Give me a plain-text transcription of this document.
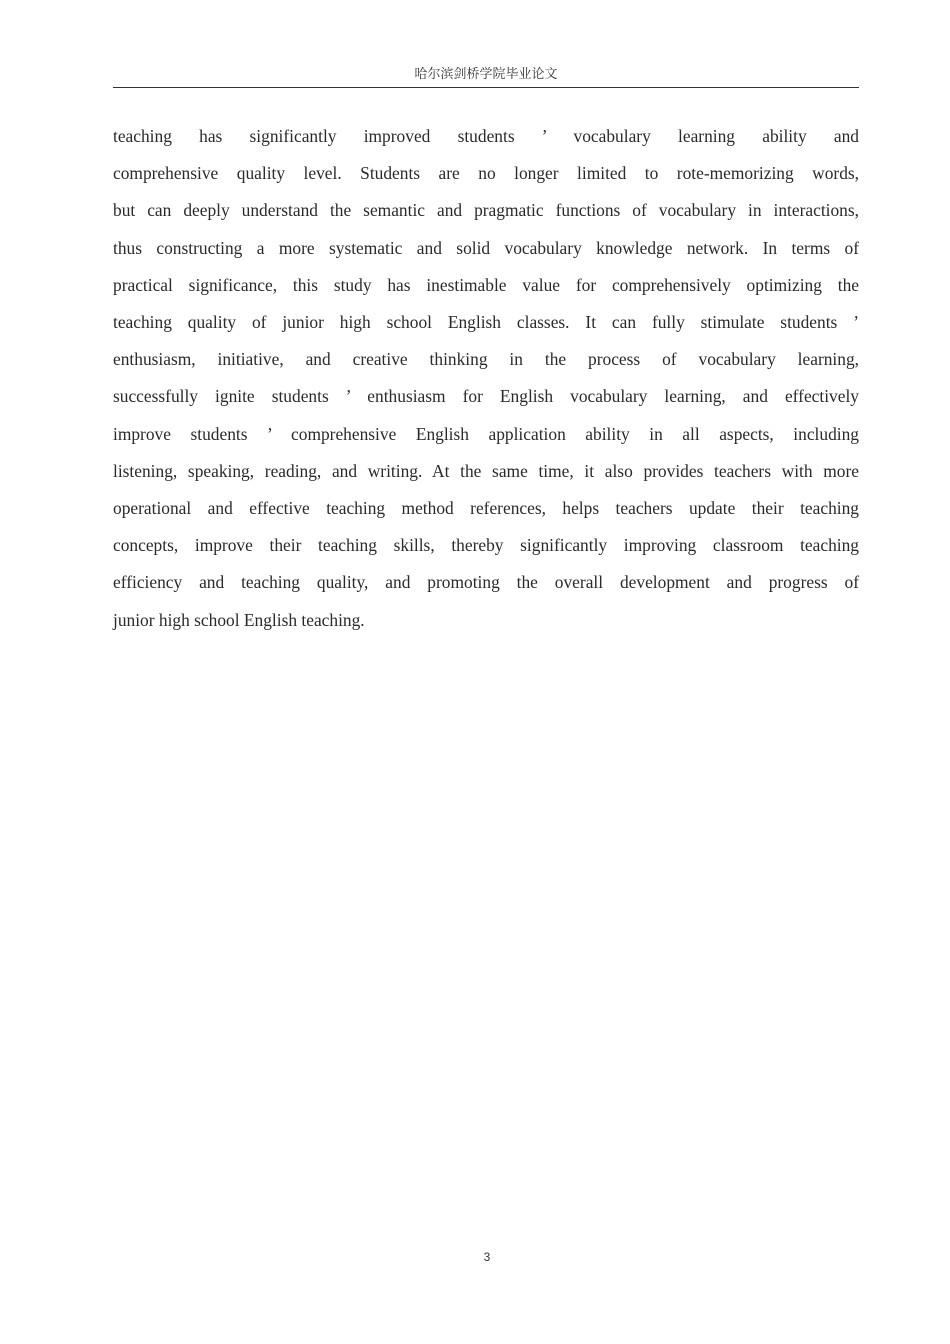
哈尔滨剑桥学院毕业论文
teaching has significantly improved students ’ vocabulary learning ability and
comprehensive quality level. Students are no longer limited to rote-memorizing words,
but can deeply understand the semantic and pragmatic functions of vocabulary in interactions,
thus constructing a more systematic and solid vocabulary knowledge network. In terms of
practical significance, this study has inestimable value for comprehensively optimizing the
teaching quality of junior high school English classes. It can fully stimulate students ’
enthusiasm, initiative, and creative thinking in the process of vocabulary learning,
successfully ignite students ’ enthusiasm for English vocabulary learning, and effectively
improve students ’ comprehensive English application ability in all aspects, including
listening, speaking, reading, and writing. At the same time, it also provides teachers with more
operational and effective teaching method references, helps teachers update their teaching
concepts, improve their teaching skills, thereby significantly improving classroom teaching
efficiency and teaching quality, and promoting the overall development and progress of
junior high school English teaching.
3
